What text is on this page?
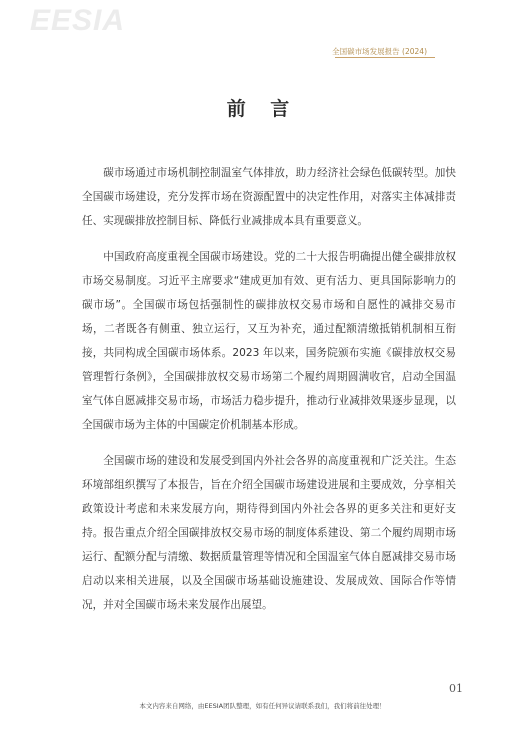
EESIA
全国碳市场发展报告 (2024)
前 言

碳市场通过市场机制控制温室气体排放，助力经济社会绿色低碳转型。加快全国碳市场建设，充分发挥市场在资源配置中的决定性作用，对落实主体减排责任、实现碳排放控制目标、降低行业减排成本具有重要意义。

中国政府高度重视全国碳市场建设。党的二十大报告明确提出健全碳排放权市场交易制度。习近平主席要求“建成更加有效、更有活力、更具国际影响力的碳市场”。全国碳市场包括强制性的碳排放权交易市场和自愿性的减排交易市场，二者既各有侧重、独立运行，又互为补充，通过配额清缴抵销机制相互衔接，共同构成全国碳市场体系。2023 年以来，国务院颁布实施《碳排放权交易管理暂行条例》，全国碳排放权交易市场第二个履约周期圆满收官，启动全国温室气体自愿减排交易市场，市场活力稳步提升，推动行业减排效果逐步显现，以全国碳市场为主体的中国碳定价机制基本形成。

全国碳市场的建设和发展受到国内外社会各界的高度重视和广泛关注。生态环境部组织撰写了本报告，旨在介绍全国碳市场建设进展和主要成效，分享相关政策设计考虑和未来发展方向，期待得到国内外社会各界的更多关注和更好支持。报告重点介绍全国碳排放权交易市场的制度体系建设、第二个履约周期市场运行、配额分配与清缴、数据质量管理等情况和全国温室气体自愿减排交易市场启动以来相关进展，以及全国碳市场基础设施建设、发展成效、国际合作等情况，并对全国碳市场未来发展作出展望。

01
本文内容来自网络，由EESIA团队整理，如有任何异议请联系我们，我们将前往处理！
